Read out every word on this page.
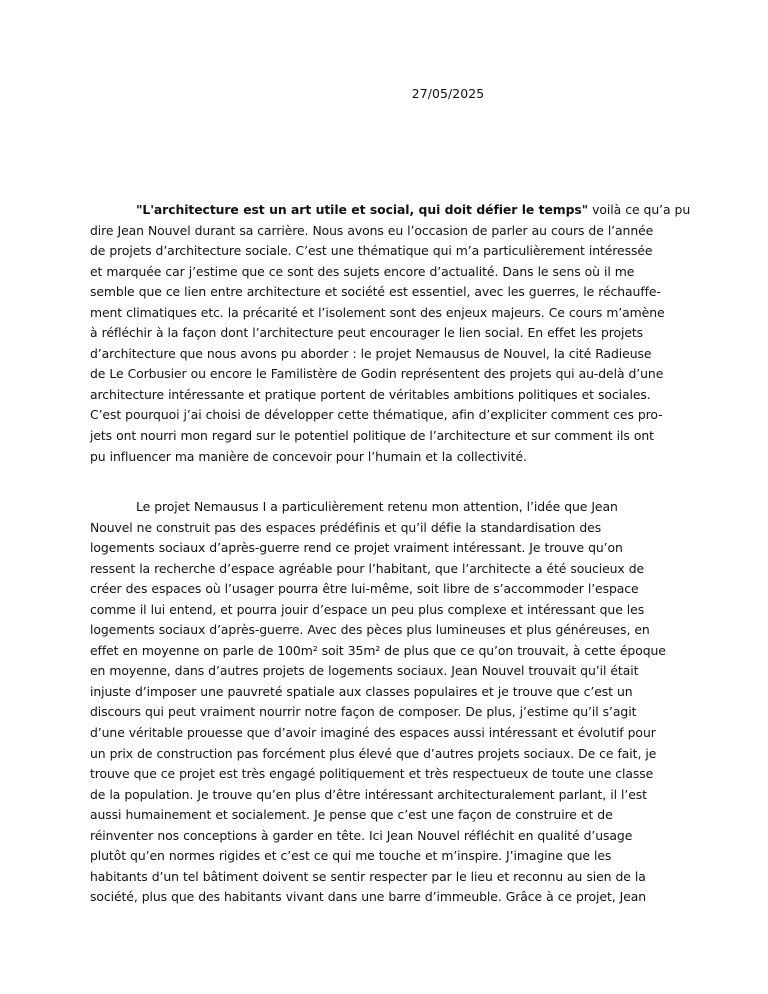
27/05/2025
"L'architecture est un art utile et social, qui doit défier le temps" voilà ce qu’a pu
dire Jean Nouvel durant sa carrière. Nous avons eu l’occasion de parler au cours de l’année
de projets d’architecture sociale. C’est une thématique qui m’a particulièrement intéressée
et marquée car j’estime que ce sont des sujets encore d’actualité. Dans le sens où il me
semble que ce lien entre architecture et société est essentiel, avec les guerres, le réchauffe-
ment climatiques etc. la précarité et l’isolement sont des enjeux majeurs. Ce cours m’amène
à réfléchir à la façon dont l’architecture peut encourager le lien social. En effet les projets
d’architecture que nous avons pu aborder : le projet Nemausus de Nouvel, la cité Radieuse
de Le Corbusier ou encore le Familistère de Godin représentent des projets qui au-delà d’une
architecture intéressante et pratique portent de véritables ambitions politiques et sociales.
C’est pourquoi j’ai choisi de développer cette thématique, afin d’expliciter comment ces pro-
jets ont nourri mon regard sur le potentiel politique de l’architecture et sur comment ils ont
pu influencer ma manière de concevoir pour l’humain et la collectivité.
Le projet Nemausus I a particulièrement retenu mon attention, l’idée que Jean
Nouvel ne construit pas des espaces prédéfinis et qu’il défie la standardisation des
logements sociaux d’après-guerre rend ce projet vraiment intéressant. Je trouve qu’on
ressent la recherche d’espace agréable pour l’habitant, que l’architecte a été soucieux de
créer des espaces où l’usager pourra être lui-même, soit libre de s’accommoder l’espace
comme il lui entend, et pourra jouir d’espace un peu plus complexe et intéressant que les
logements sociaux d’après-guerre. Avec des pèces plus lumineuses et plus généreuses, en
effet en moyenne on parle de 100m² soit 35m² de plus que ce qu’on trouvait, à cette époque
en moyenne, dans d’autres projets de logements sociaux. Jean Nouvel trouvait qu’il était
injuste d’imposer une pauvreté spatiale aux classes populaires et je trouve que c’est un
discours qui peut vraiment nourrir notre façon de composer. De plus, j’estime qu’il s’agit
d’une véritable prouesse que d’avoir imaginé des espaces aussi intéressant et évolutif pour
un prix de construction pas forcément plus élevé que d’autres projets sociaux. De ce fait, je
trouve que ce projet est très engagé politiquement et très respectueux de toute une classe
de la population. Je trouve qu’en plus d’être intéressant architecturalement parlant, il l’est
aussi humainement et socialement. Je pense que c’est une façon de construire et de
réinventer nos conceptions à garder en tête. Ici Jean Nouvel réfléchit en qualité d’usage
plutôt qu’en normes rigides et c’est ce qui me touche et m’inspire. J’imagine que les
habitants d’un tel bâtiment doivent se sentir respecter par le lieu et reconnu au sien de la
société, plus que des habitants vivant dans une barre d’immeuble. Grâce à ce projet, Jean
